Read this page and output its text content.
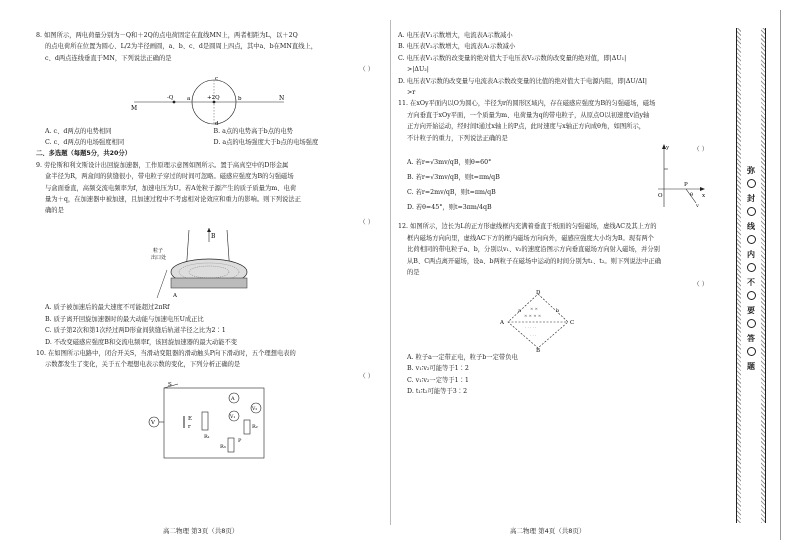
8. 如图所示，两电荷量分别为－Q和＋2Q的点电荷固定在直线MN上，两者相距为L，以＋2Q

的点电荷所在位置为圆心、L/2为半径画圆，a、b、c、d是圆周上四点，其中a、b在MN直线上，

c、d两点连线垂直于MN，下列说法正确的是

（ ）
M
N
-Q	+2Q
a	b
c
d
A. c、d两点的电势相同	B. a点的电势高于b点的电势
C. c、d两点的电场强度相同	D. a点的电场强度大于b点的电场强度
二、多选题（每题5分，共20分）

9. 劳伦斯和利文斯设计出回旋加速器，工作原理示意图如图所示。置于高真空中的D形金属

盒半径为R，两盒间的狭缝很小，带电粒子穿过的时间可忽略。磁感应强度为B的匀强磁场

与盒面垂直，高频交流电频率为f，加速电压为U。若A处粒子源产生的质子质量为m、电荷

量为＋q，在加速器中被加速，且加速过程中不考虑相对论效应和重力的影响。则下列说法正

确的是

（ ）
B
粒子
出口处
A

A. 质子被加速后的最大速度不可能超过2πRf

B. 质子离开回旋加速器时的最大动能与加速电压U成正比

C. 质子第2次和第1次经过两D形盒间狭缝后轨道半径之比为2∶1

D. 不改变磁感应强度B和交流电频率f，该回旋加速器的最大动能不变

10. 在如图所示电路中，闭合开关S，当滑动变阻器的滑动触头P向下滑动时，五个理想电表的

示数都发生了变化，关于五个理想电表示数的变化，下列分析正确的是

（ ）
V
E
r
R₁
A
V₁
R₂
V₂
R₃
P
S
高二物理 第3页（共8页）

A. 电压表V₁示数增大，电流表A示数减小

B. 电压表V₂示数增大，电流表A₁示数减小

C. 电压表V₁示数的改变量的绝对值大于电压表V₂示数的改变量的绝对值，即|ΔU₁|

>|ΔU₂|

D. 电压表V示数的改变量与电流表A示数改变量的比值的绝对值大于电源内阻，即|ΔU/ΔI|

>r

11. 在xOy平面内以O为圆心，半径为r的圆形区域内，存在磁感应强度为B的匀强磁场，磁场

方向垂直于xOy平面，一个质量为m、电荷量为q的带电粒子，从原点O以初速度v沿y轴

正方向开始运动，经时间t通过x轴上的P点，此时速度与x轴正方向成θ角，如图所示，

不计粒子的重力，下列说法正确的是

（ ）

A. 若r=√3mv/qB，则θ=60°

B. 若r=√3mv/qB，则t=πm/qB

C. 若r=2mv/qB，则t=πm/qB

D. 若θ=45°，则t=3πm/4qB

y
x
O
P
v
θ

12. 如图所示，边长为L的正方形虚线框内充满着垂直于纸面的匀强磁场，虚线AC及其上方的

框内磁场方向向里，虚线AC下方的框内磁场方向向外，磁感应强度大小均为B。现有两个

比荷相同的带电粒子a、b，分别以v₁、v₂的速度沿图示方向垂直磁场方向射入磁场，并分别

从B、C两点离开磁场，设a、b两粒子在磁场中运动的时间分别为t₁、t₂。则下列说法中正确

的是

（ ）
× ×
× × × ×
· · · · ·
· · ·
D
A	C
B
a	b

A. 粒子a一定带正电，粒子b一定带负电

B. v₁∶v₂可能等于1∶2

C. v₁∶v₂一定等于1∶1

D. t₁∶t₂可能等于3∶2

高二物理 第4页（共8页）
弥
封
线
内
不
要
答
题
